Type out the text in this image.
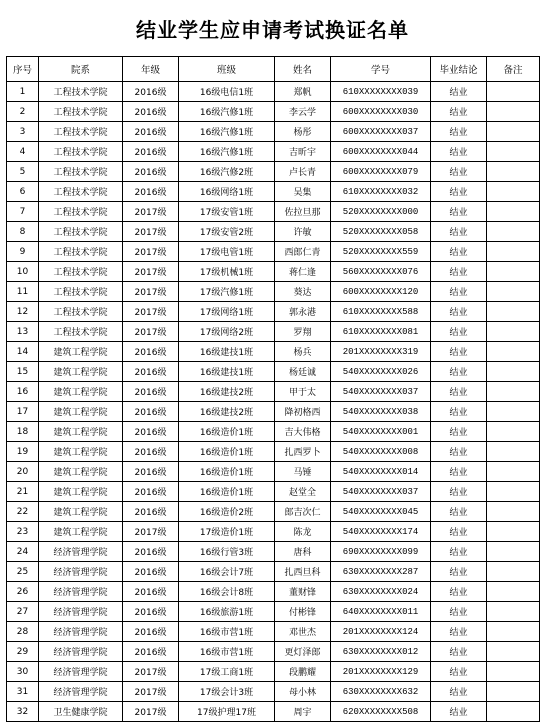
结业学生应申请考试换证名单
序号	院系	年级	班级	姓名	学号	毕业结论	备注
1	工程技术学院	2016级	16级电信1班	郑帆	610XXXXXXXX039	结业	
2	工程技术学院	2016级	16级汽修1班	李云学	600XXXXXXXX030	结业	
3	工程技术学院	2016级	16级汽修1班	杨彤	600XXXXXXXX037	结业	
4	工程技术学院	2016级	16级汽修1班	吉昕宇	600XXXXXXXX044	结业	
5	工程技术学院	2016级	16级汽修2班	卢长青	600XXXXXXXX079	结业	
6	工程技术学院	2016级	16级网络1班	吴集	610XXXXXXXX032	结业	
7	工程技术学院	2017级	17级安管1班	佐拉旦那	520XXXXXXXX000	结业	
8	工程技术学院	2017级	17级安管2班	许敏	520XXXXXXXX058	结业	
9	工程技术学院	2017级	17级电管1班	西郎仁青	520XXXXXXXX559	结业	
10	工程技术学院	2017级	17级机械1班	蒋仁逢	560XXXXXXXX076	结业	
11	工程技术学院	2017级	17级汽修1班	葵达	600XXXXXXXX120	结业	
12	工程技术学院	2017级	17级网络1班	郭永港	610XXXXXXXX588	结业	
13	工程技术学院	2017级	17级网络2班	罗翔	610XXXXXXXX081	结业	
14	建筑工程学院	2016级	16级建技1班	杨兵	201XXXXXXXX319	结业	
15	建筑工程学院	2016级	16级建技1班	杨廷诚	540XXXXXXXX026	结业	
16	建筑工程学院	2016级	16级建技2班	甲于太	540XXXXXXXX037	结业	
17	建筑工程学院	2016级	16级建技2班	降初格西	540XXXXXXXX038	结业	
18	建筑工程学院	2016级	16级造价1班	吉大伟格	540XXXXXXXX001	结业	
19	建筑工程学院	2016级	16级造价1班	扎西罗卜	540XXXXXXXX008	结业	
20	建筑工程学院	2016级	16级造价1班	马锤	540XXXXXXXX014	结业	
21	建筑工程学院	2016级	16级造价1班	赵堂全	540XXXXXXXX037	结业	
22	建筑工程学院	2016级	16级造价2班	郎吉次仁	540XXXXXXXX045	结业	
23	建筑工程学院	2017级	17级造价1班	陈龙	540XXXXXXXX174	结业	
24	经济管理学院	2016级	16级行管3班	唐科	690XXXXXXXX099	结业	
25	经济管理学院	2016级	16级会计7班	扎西旦科	630XXXXXXXX287	结业	
26	经济管理学院	2016级	16级会计8班	董财锋	630XXXXXXXX024	结业	
27	经济管理学院	2016级	16级旅游1班	付彬锋	640XXXXXXXX011	结业	
28	经济管理学院	2016级	16级市营1班	邓世杰	201XXXXXXXX124	结业	
29	经济管理学院	2016级	16级市营1班	更灯泽郎	630XXXXXXXX012	结业	
30	经济管理学院	2017级	17级工商1班	段鹏耀	201XXXXXXXX129	结业	
31	经济管理学院	2017级	17级会计3班	母小林	630XXXXXXXX632	结业	
32	卫生健康学院	2017级	17级护理17班	周宇	620XXXXXXXX508	结业	
